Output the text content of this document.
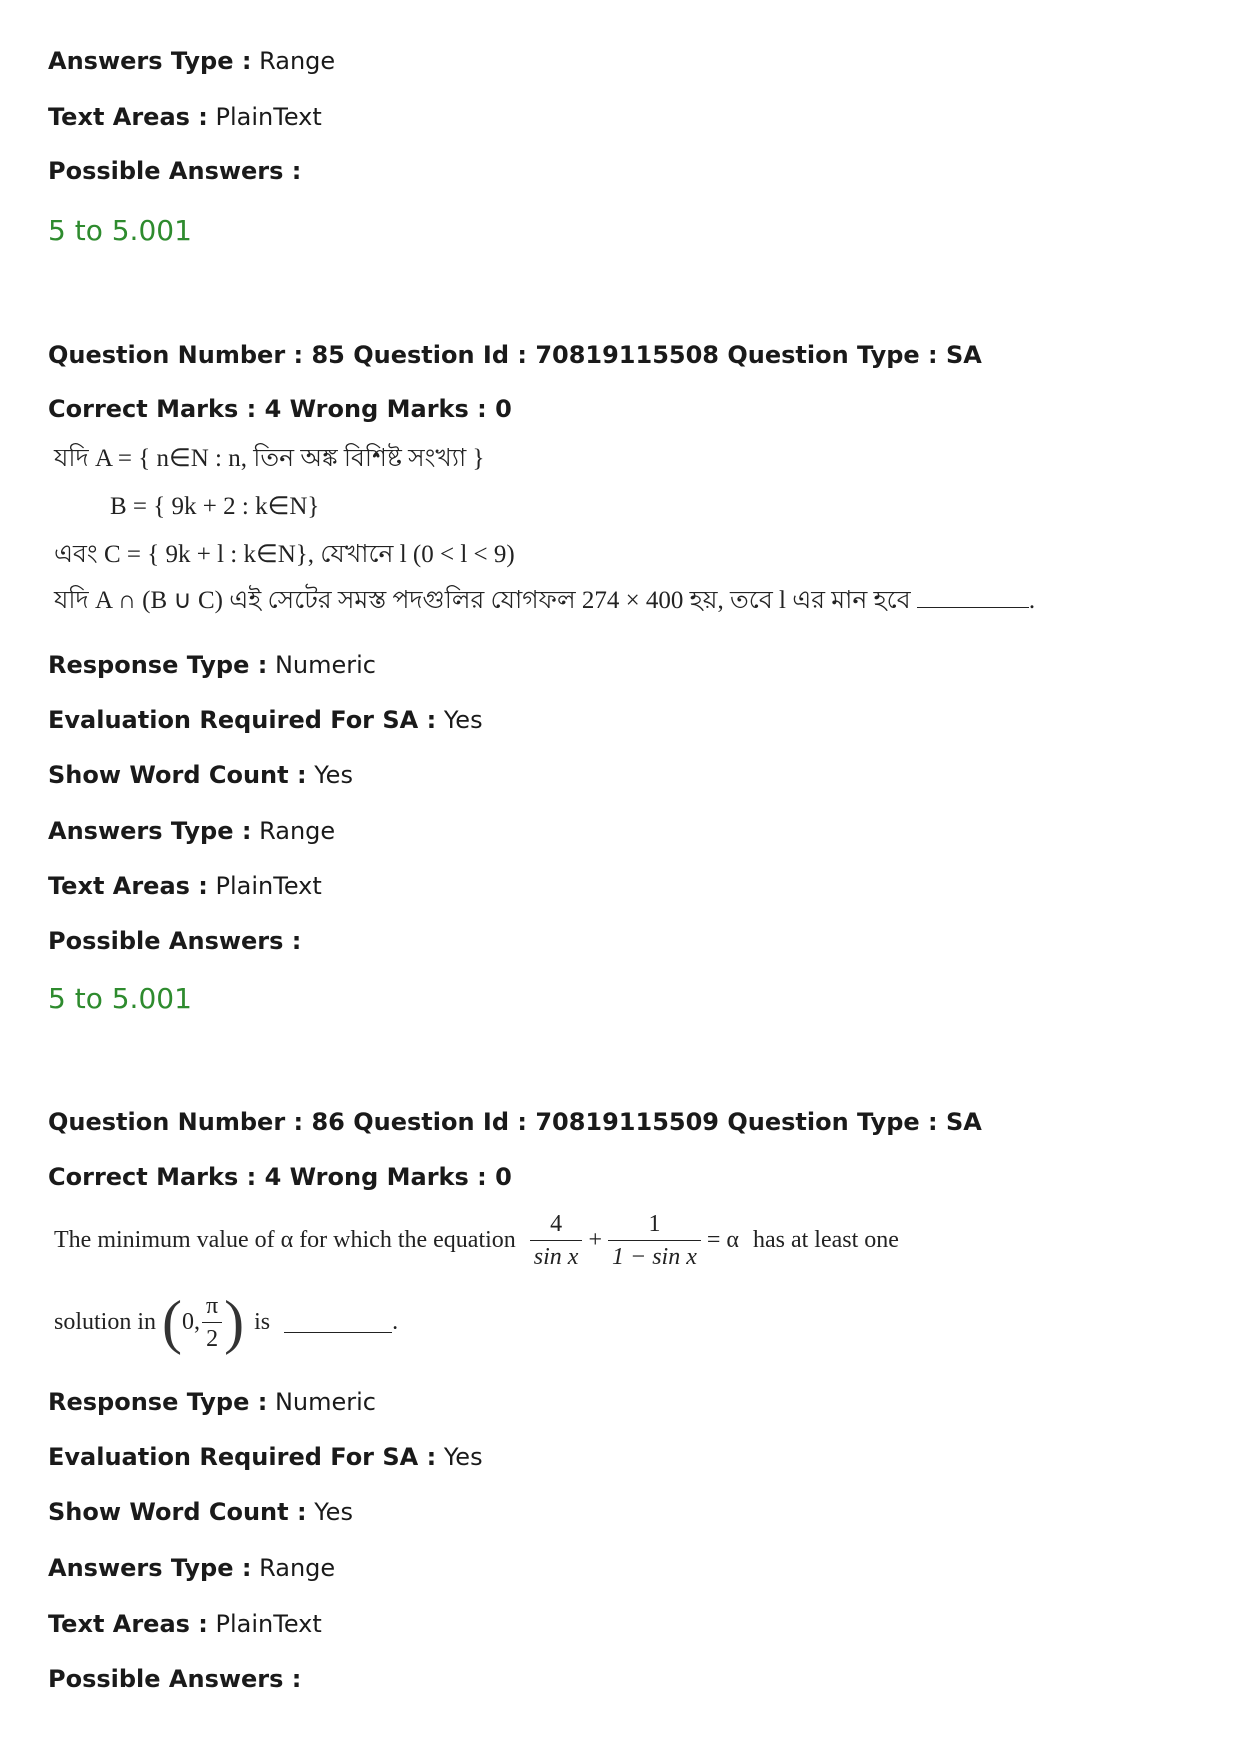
Answers Type : Range
Text Areas : PlainText
Possible Answers :
5 to 5.001
Question Number : 85 Question Id : 70819115508 Question Type : SA
Correct Marks : 4 Wrong Marks : 0
যদি A = { n∈N : n, তিন অঙ্ক বিশিষ্ট সংখ্যা }
B = { 9k + 2 : k∈N}
এবং C = { 9k + l : k∈N}, যেখানে l (0 < l < 9)
যদি A ∩ (B ∪ C) এই সেটের সমস্ত পদগুলির যোগফল 274 × 400 হয়, তবে l এর মান হবে	.
Response Type : Numeric
Evaluation Required For SA : Yes
Show Word Count : Yes
Answers Type : Range
Text Areas : PlainText
Possible Answers :
5 to 5.001
Question Number : 86 Question Id : 70819115509 Question Type : SA
Correct Marks : 4 Wrong Marks : 0
The minimum value of α for which the equation $\frac{4}{\text{sin x}} + \frac{1}{\text{1 − sin x}} = \alpha$ has at least one
solution in ( 0, $\frac{\pi}{2}$ ) is	.
Response Type : Numeric
Evaluation Required For SA : Yes
Show Word Count : Yes
Answers Type : Range
Text Areas : PlainText
Possible Answers :
